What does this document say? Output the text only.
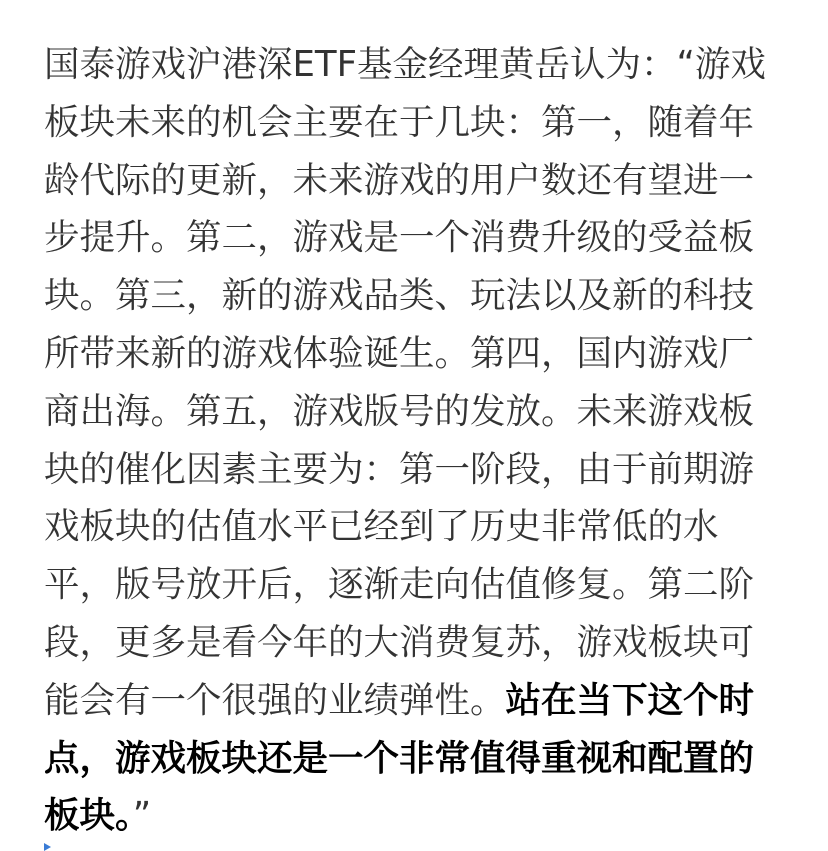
国泰游戏沪港深ETF基金经理黄岳认为：“游戏板块未来的机会主要在于几块：第一，随着年龄代际的更新，未来游戏的用户数还有望进一步提升。第二，游戏是一个消费升级的受益板块。第三，新的游戏品类、玩法以及新的科技所带来新的游戏体验诞生。第四，国内游戏厂商出海。第五，游戏版号的发放。未来游戏板块的催化因素主要为：第一阶段，由于前期游戏板块的估值水平已经到了历史非常低的水平，版号放开后，逐渐走向估值修复。第二阶段，更多是看今年的大消费复苏，游戏板块可能会有一个很强的业绩弹性。站在当下这个时点，游戏板块还是一个非常值得重视和配置的板块。”
